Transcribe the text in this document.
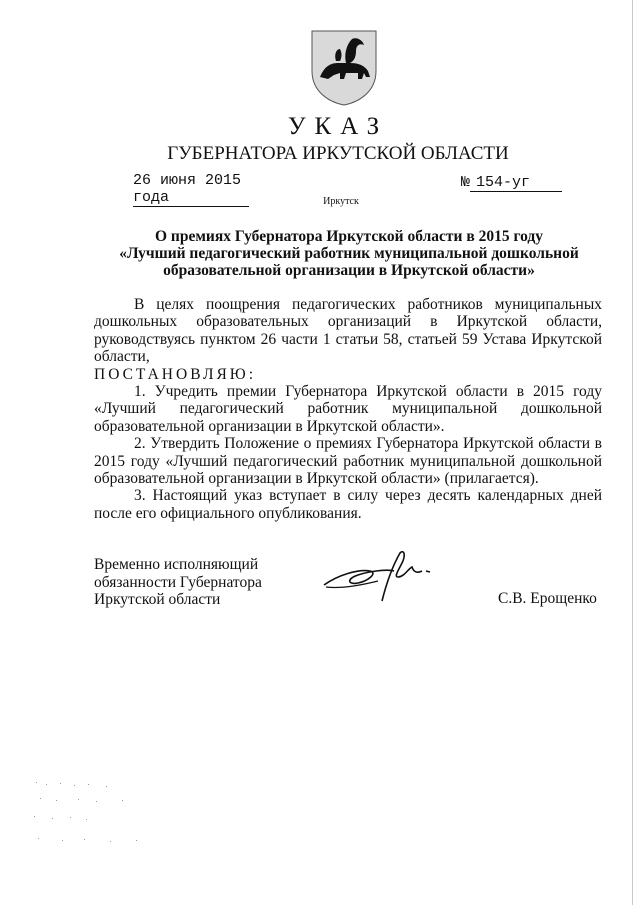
УКАЗ
ГУБЕРНАТОРА ИРКУТСКОЙ ОБЛАСТИ
26 июня 2015 года
№ 154-уг
Иркутск
О премиях Губернатора Иркутской области в 2015 году
«Лучший педагогический работник муниципальной дошкольной
образовательной организации в Иркутской области»

В целях поощрения педагогических работников муниципальных дошкольных образовательных организаций в Иркутской области, руководствуясь пунктом 26 части 1 статьи 58, статьей 59 Устава Иркутской области,

ПОСТАНОВЛЯЮ:

1. Учредить премии Губернатора Иркутской области в 2015 году «Лучший педагогический работник муниципальной дошкольной образовательной организации в Иркутской области».

2. Утвердить Положение о премиях Губернатора Иркутской области в 2015 году «Лучший педагогический работник муниципальной дошкольной образовательной организации в Иркутской области» (прилагается).

3. Настоящий указ вступает в силу через десять календарных дней после его официального опубликования.

Временно исполняющий
обязанности Губернатора
Иркутской области	С.В. Ерощенко
